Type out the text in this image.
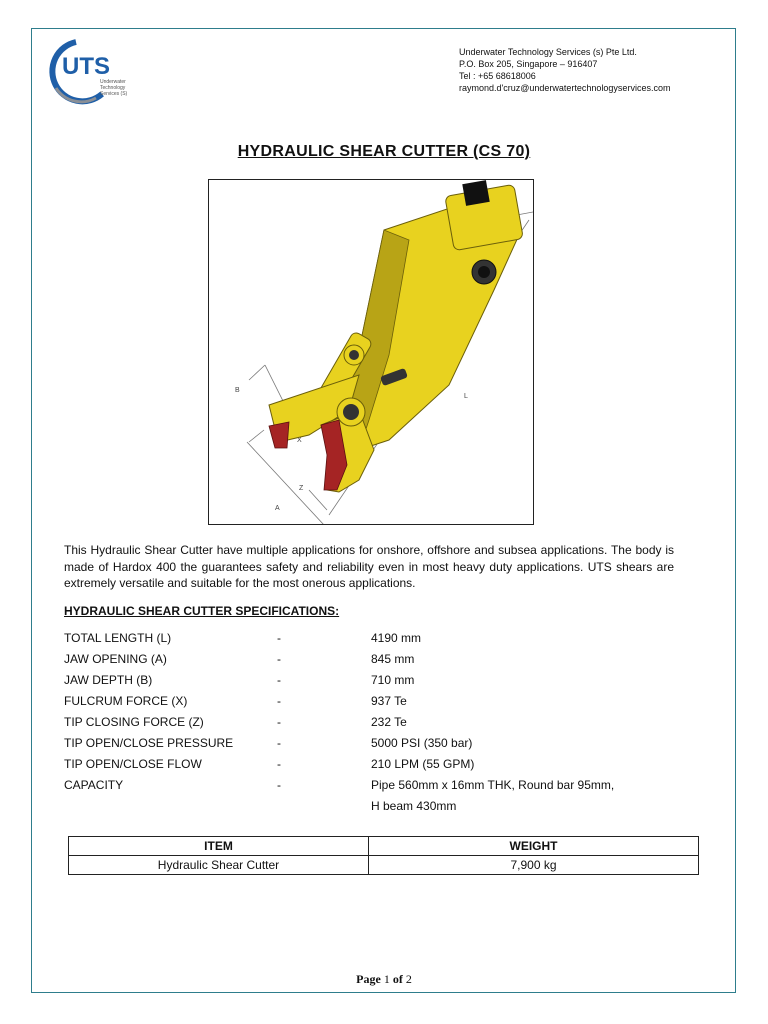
UTS
Underwater
Technology
Services (S)
Underwater Technology Services (s) Pte Ltd.
P.O. Box 205, Singapore – 916407
Tel : +65 68618006
raymond.d'cruz@underwatertechnologyservices.com
HYDRAULIC SHEAR CUTTER (CS 70)
B
X
Z
A
L
This Hydraulic Shear Cutter have multiple applications for onshore, offshore and subsea applications. The body is made of Hardox 400 the guarantees safety and reliability even in most heavy duty applications. UTS shears are extremely versatile and suitable for the most onerous applications.
HYDRAULIC SHEAR CUTTER SPECIFICATIONS:
TOTAL LENGTH (L)	-	4190 mm
JAW OPENING (A)	-	845 mm
JAW DEPTH (B)	-	710 mm
FULCRUM FORCE (X)	-	937 Te
TIP CLOSING FORCE (Z)	-	232 Te
TIP OPEN/CLOSE PRESSURE	-	5000 PSI (350 bar)
TIP OPEN/CLOSE FLOW	-	210 LPM (55 GPM)
CAPACITY	-	Pipe 560mm x 16mm THK, Round bar 95mm,
H beam 430mm
ITEM	WEIGHT
Hydraulic Shear Cutter	7,900 kg
Page 1 of 2
